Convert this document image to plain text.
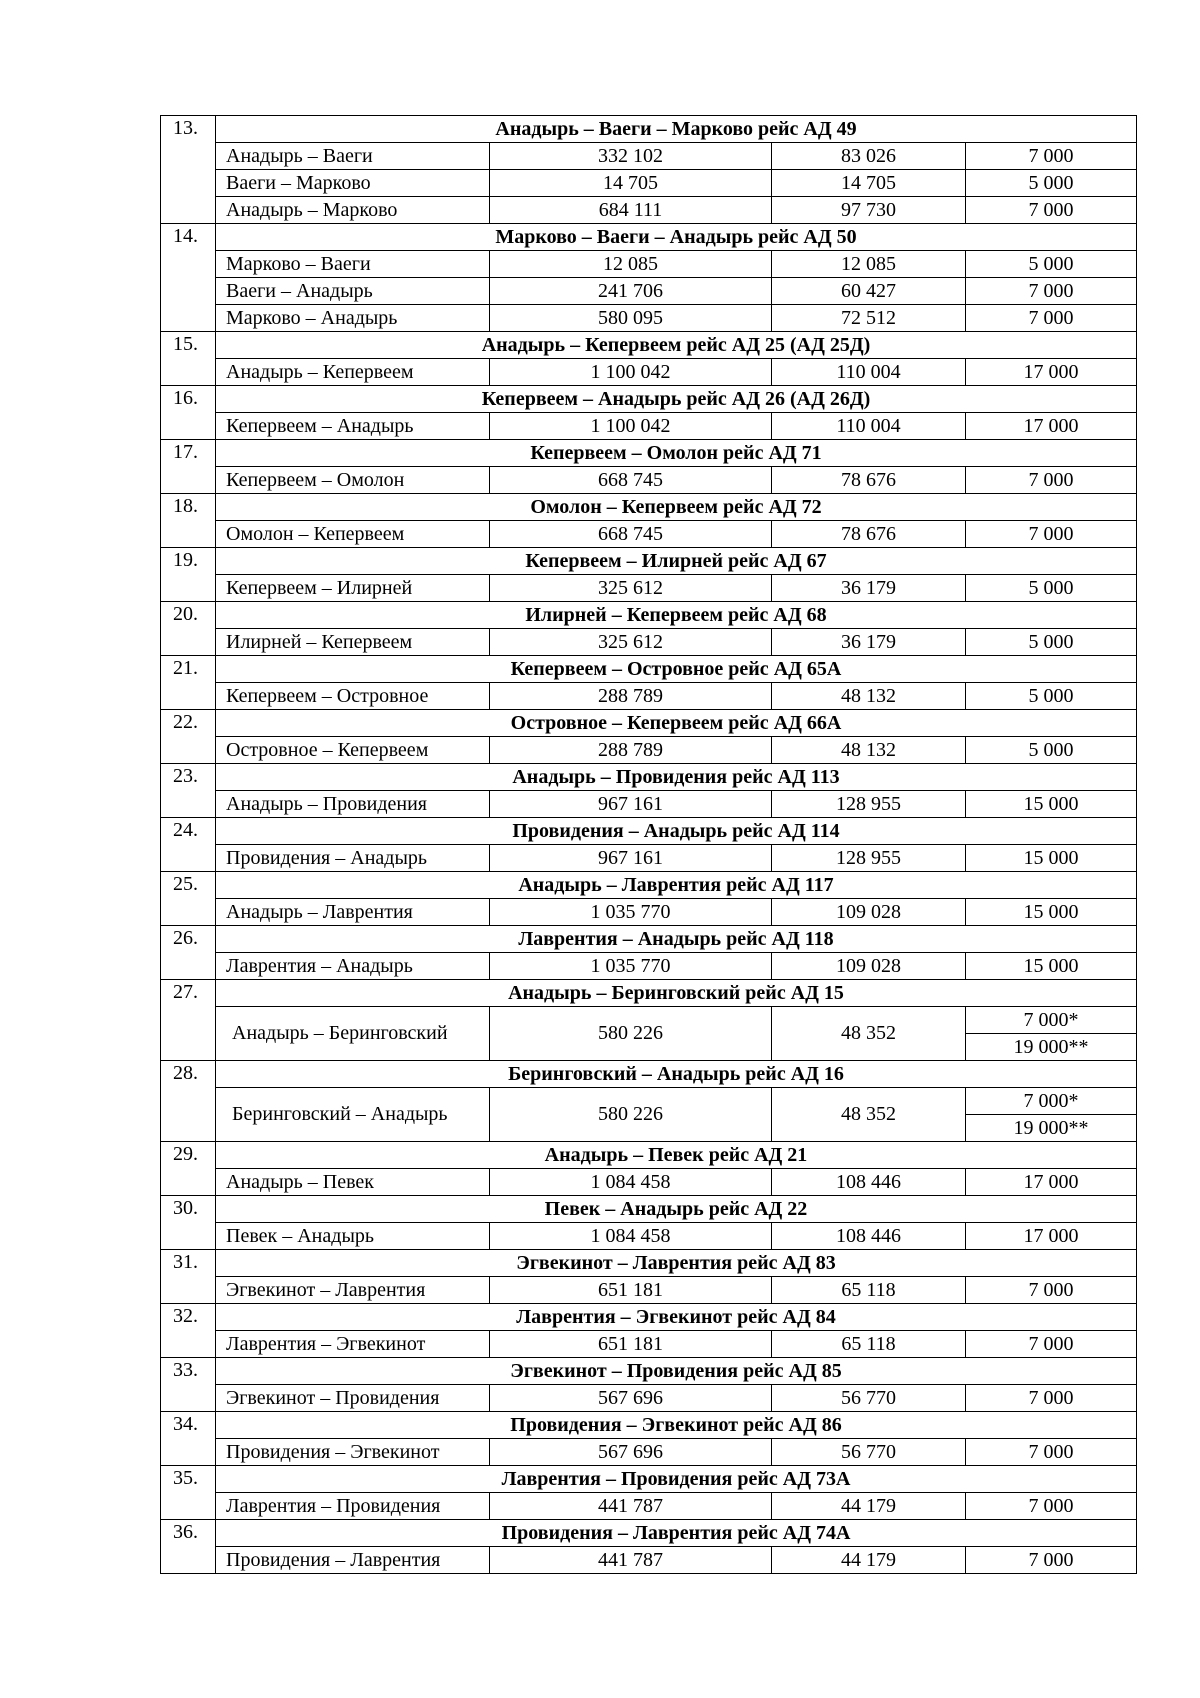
13.	Анадырь – Ваеги – Марково рейс АД 49			
	Анадырь – Ваеги	332 102	83 026	7 000
	Ваеги – Марково	14 705	14 705	5 000
	Анадырь – Марково	684 111	97 730	7 000
14.	Марково – Ваеги – Анадырь рейс АД 50			
	Марково – Ваеги	12 085	12 085	5 000
	Ваеги – Анадырь	241 706	60 427	7 000
	Марково – Анадырь	580 095	72 512	7 000
15.	Анадырь – Кепервеем рейс АД 25 (АД 25Д)			
	Анадырь – Кепервеем	1 100 042	110 004	17 000
16.	Кепервеем – Анадырь рейс АД 26 (АД 26Д)			
	Кепервеем – Анадырь	1 100 042	110 004	17 000
17.	Кепервеем – Омолон рейс АД 71			
	Кепервеем – Омолон	668 745	78 676	7 000
18.	Омолон – Кепервеем рейс АД 72			
	Омолон – Кепервеем	668 745	78 676	7 000
19.	Кепервеем – Илирней рейс АД 67			
	Кепервеем – Илирней	325 612	36 179	5 000
20.	Илирней – Кепервеем рейс АД 68			
	Илирней – Кепервеем	325 612	36 179	5 000
21.	Кепервеем – Островное рейс АД 65А			
	Кепервеем – Островное	288 789	48 132	5 000
22.	Островное – Кепервеем рейс АД 66А			
	Островное – Кепервеем	288 789	48 132	5 000
23.	Анадырь – Провидения рейс АД 113			
	Анадырь – Провидения	967 161	128 955	15 000
24.	Провидения – Анадырь рейс АД 114			
	Провидения – Анадырь	967 161	128 955	15 000
25.	Анадырь – Лаврентия рейс АД 117			
	Анадырь – Лаврентия	1 035 770	109 028	15 000
26.	Лаврентия – Анадырь рейс АД 118			
	Лаврентия – Анадырь	1 035 770	109 028	15 000
27.	Анадырь – Беринговский рейс АД 15			
	Анадырь – Беринговский	580 226	48 352	7 000*
				19 000**
28.	Беринговский – Анадырь рейс АД 16			
	Беринговский – Анадырь	580 226	48 352	7 000*
				19 000**
29.	Анадырь – Певек рейс АД 21			
	Анадырь – Певек	1 084 458	108 446	17 000
30.	Певек – Анадырь рейс АД 22			
	Певек – Анадырь	1 084 458	108 446	17 000
31.	Эгвекинот – Лаврентия рейс АД 83			
	Эгвекинот – Лаврентия	651 181	65 118	7 000
32.	Лаврентия – Эгвекинот рейс АД 84			
	Лаврентия – Эгвекинот	651 181	65 118	7 000
33.	Эгвекинот – Провидения рейс АД 85			
	Эгвекинот – Провидения	567 696	56 770	7 000
34.	Провидения – Эгвекинот рейс АД 86			
	Провидения – Эгвекинот	567 696	56 770	7 000
35.	Лаврентия – Провидения рейс АД 73А			
	Лаврентия – Провидения	441 787	44 179	7 000
36.	Провидения – Лаврентия рейс АД 74А			
	Провидения – Лаврентия	441 787	44 179	7 000
